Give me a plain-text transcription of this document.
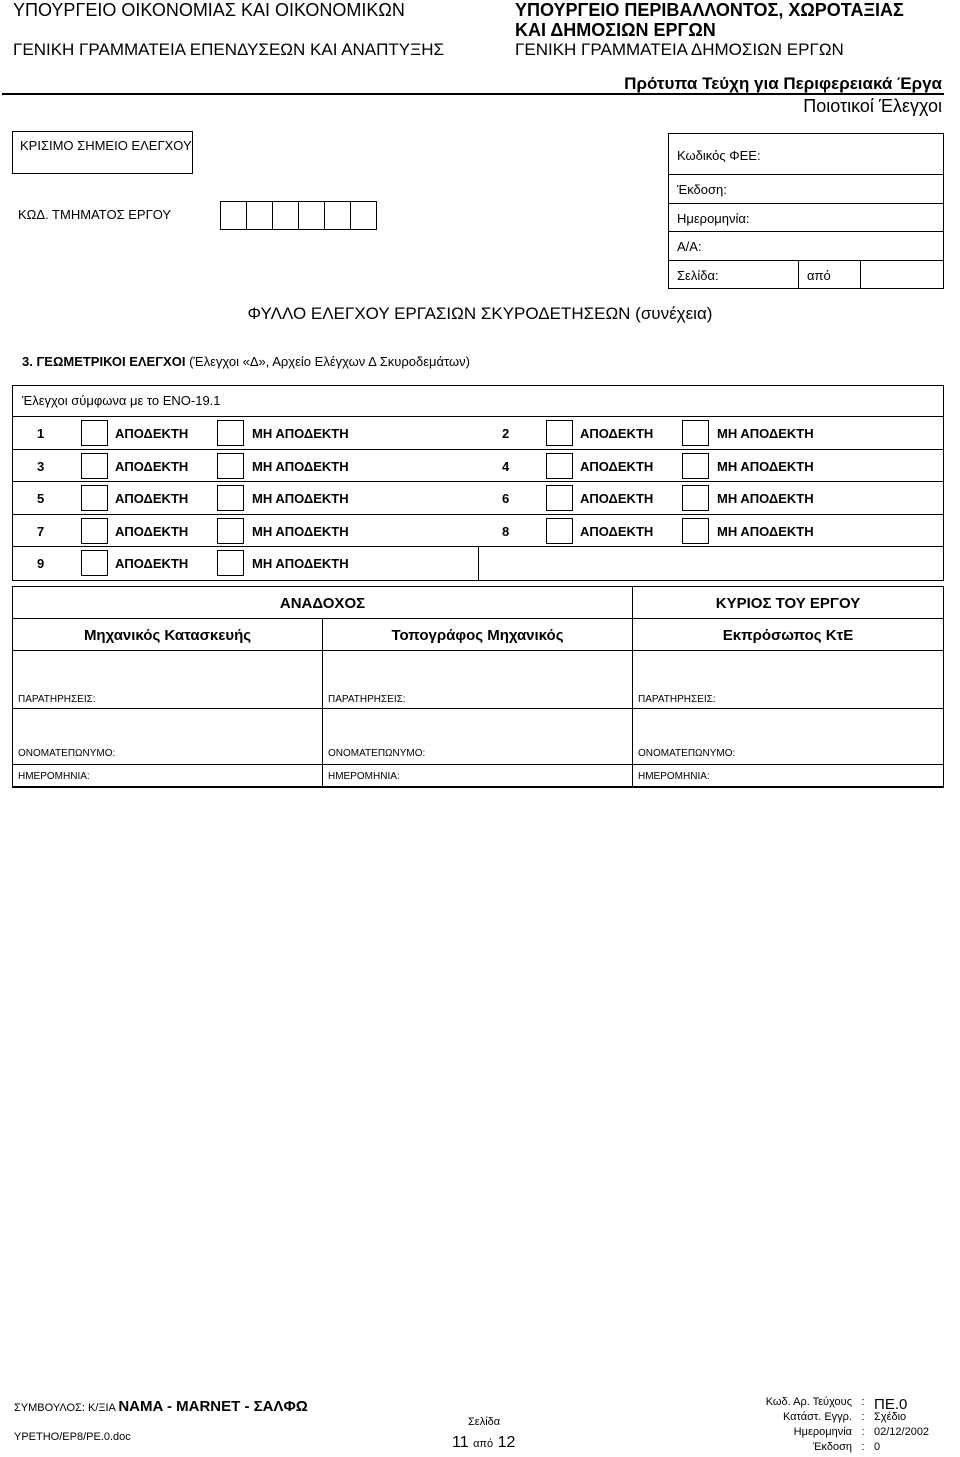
ΥΠΟΥΡΓΕΙΟ ΟΙΚΟΝΟΜΙΑΣ ΚΑΙ ΟΙΚΟΝΟΜΙΚΩΝ
ΓΕΝΙΚΗ ΓΡΑΜΜΑΤΕΙΑ ΕΠΕΝΔΥΣΕΩΝ ΚΑΙ ΑΝΑΠΤΥΞΗΣ
ΥΠΟΥΡΓΕΙΟ ΠΕΡΙΒΑΛΛΟΝΤΟΣ, ΧΩΡΟΤΑΞΙΑΣ
ΚΑΙ ΔΗΜΟΣΙΩΝ ΕΡΓΩΝ
ΓΕΝΙΚΗ ΓΡΑΜΜΑΤΕΙΑ ΔΗΜΟΣΙΩΝ ΕΡΓΩΝ
Πρότυπα Τεύχη για Περιφερειακά Έργα
Ποιοτικοί Έλεγχοι
ΚΡΙΣΙΜΟ ΣΗΜΕΙΟ ΕΛΕΓΧΟΥ
ΚΩΔ. ΤΜΗΜΑΤΟΣ ΕΡΓΟΥ
Κωδικός ΦΕΕ:
Έκδοση:
Ημερομηνία:
Α/Α:
Σελίδα:	από
ΦΥΛΛΟ ΕΛΕΓΧΟΥ ΕΡΓΑΣΙΩΝ ΣΚΥΡΟΔΕΤΗΣΕΩΝ (συνέχεια)
3. ΓΕΩΜΕΤΡΙΚΟΙ ΕΛΕΓΧΟΙ (Έλεγχοι «Δ», Αρχείο Ελέγχων Δ Σκυροδεμάτων)
Έλεγχοι σύμφωνα με το ΕΝΟ-19.1
1	ΑΠΟΔΕΚΤΗ	ΜΗ ΑΠΟΔΕΚΤΗ	2	ΑΠΟΔΕΚΤΗ	ΜΗ ΑΠΟΔΕΚΤΗ
3	ΑΠΟΔΕΚΤΗ	ΜΗ ΑΠΟΔΕΚΤΗ	4	ΑΠΟΔΕΚΤΗ	ΜΗ ΑΠΟΔΕΚΤΗ
5	ΑΠΟΔΕΚΤΗ	ΜΗ ΑΠΟΔΕΚΤΗ	6	ΑΠΟΔΕΚΤΗ	ΜΗ ΑΠΟΔΕΚΤΗ
7	ΑΠΟΔΕΚΤΗ	ΜΗ ΑΠΟΔΕΚΤΗ	8	ΑΠΟΔΕΚΤΗ	ΜΗ ΑΠΟΔΕΚΤΗ
9	ΑΠΟΔΕΚΤΗ	ΜΗ ΑΠΟΔΕΚΤΗ
ΑΝΑΔΟΧΟΣ	ΚΥΡΙΟΣ ΤΟΥ ΕΡΓΟΥ
Μηχανικός Κατασκευής	Τοπογράφος Μηχανικός	Εκπρόσωπος ΚτΕ
ΠΑΡΑΤΗΡΗΣΕΙΣ:	ΠΑΡΑΤΗΡΗΣΕΙΣ:	ΠΑΡΑΤΗΡΗΣΕΙΣ:
ΟΝΟΜΑΤΕΠΩΝΥΜΟ:	ΟΝΟΜΑΤΕΠΩΝΥΜΟ:	ΟΝΟΜΑΤΕΠΩΝΥΜΟ:
ΗΜΕΡΟΜΗΝΙΑ:	ΗΜΕΡΟΜΗΝΙΑ:	ΗΜΕΡΟΜΗΝΙΑ:
ΣΥΜΒΟΥΛΟΣ: Κ/ΞΙΑ NAMA - MARNET - ΣΑΛΦΩ
ΥΡΕΤΗΟ/ΕΡ8/ΡΕ.0.doc
Σελίδα
11 από 12
Κωδ. Αρ. Τεύχους : ΠΕ.0
Κατάστ. Εγγρ. : Σχέδιο
Ημερομηνία : 02/12/2002
Έκδοση : 0
